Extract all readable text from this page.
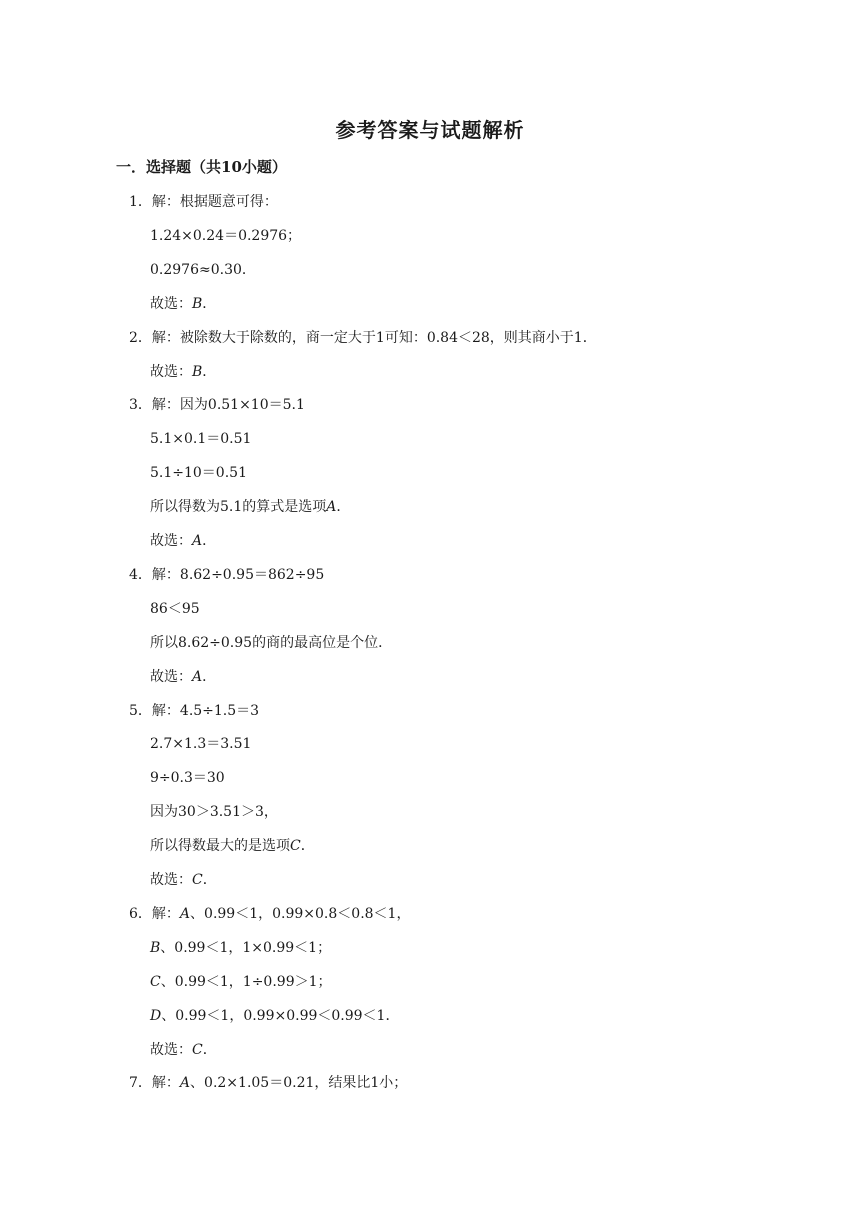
参考答案与试题解析
一．选择题（共10小题）
1．解：根据题意可得：
1.24×0.24＝0.2976；
0.2976≈0.30．
故选：B．
2．解：被除数大于除数的，商一定大于1可知：0.84＜28，则其商小于1．
故选：B．
3．解：因为0.51×10＝5.1
5.1×0.1＝0.51
5.1÷10＝0.51
所以得数为5.1的算式是选项A．
故选：A．
4．解：8.62÷0.95＝862÷95
86＜95
所以8.62÷0.95的商的最高位是个位．
故选：A．
5．解：4.5÷1.5＝3
2.7×1.3＝3.51
9÷0.3＝30
因为30＞3.51＞3，
所以得数最大的是选项C．
故选：C．
6．解：A、0.99＜1，0.99×0.8＜0.8＜1，
B、0.99＜1，1×0.99＜1；
C、0.99＜1，1÷0.99＞1；
D、0.99＜1，0.99×0.99＜0.99＜1．
故选：C．
7．解：A、0.2×1.05＝0.21，结果比1小；
